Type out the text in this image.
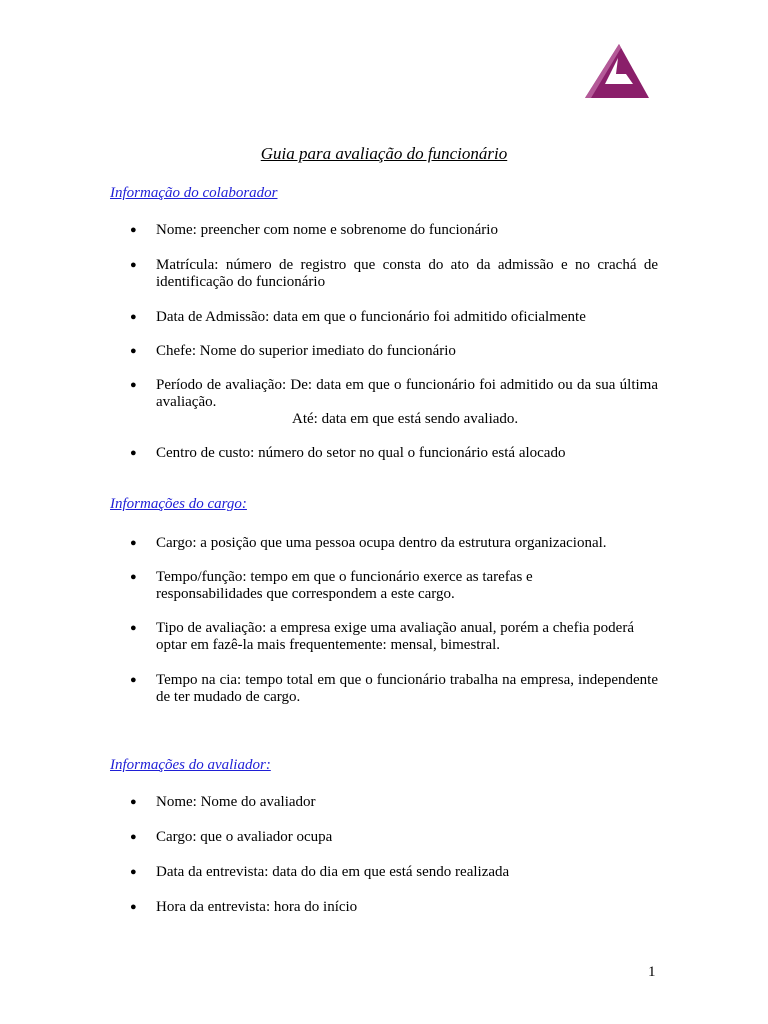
Guia para avaliação do funcionário
Informação do colaborador
●	Nome: preencher com nome e sobrenome do funcionário
●	Matrícula: número de registro que consta do ato da admissão e no crachá de identificação do funcionário
●	Data de Admissão: data em que o funcionário foi admitido oficialmente
●	Chefe: Nome do superior imediato do funcionário
●	Período de avaliação: De: data em que o funcionário foi admitido ou da sua última avaliação.
Até: data em que está sendo avaliado.
●	Centro de custo: número do setor no qual o funcionário está alocado
Informações do cargo:
●	Cargo: a posição que uma pessoa ocupa dentro da estrutura organizacional.
●	Tempo/função: tempo em que o funcionário exerce as tarefas e responsabilidades que correspondem a este cargo.
●	Tipo de avaliação: a empresa exige uma avaliação anual, porém a chefia poderá optar em fazê-la mais frequentemente: mensal, bimestral.
●	Tempo na cia: tempo total em que o funcionário trabalha na empresa, independente de ter mudado de cargo.
Informações do avaliador:
●	Nome: Nome do avaliador
●	Cargo: que o avaliador ocupa
●	Data da entrevista: data do dia em que está sendo realizada
●	Hora da entrevista: hora do início
1
